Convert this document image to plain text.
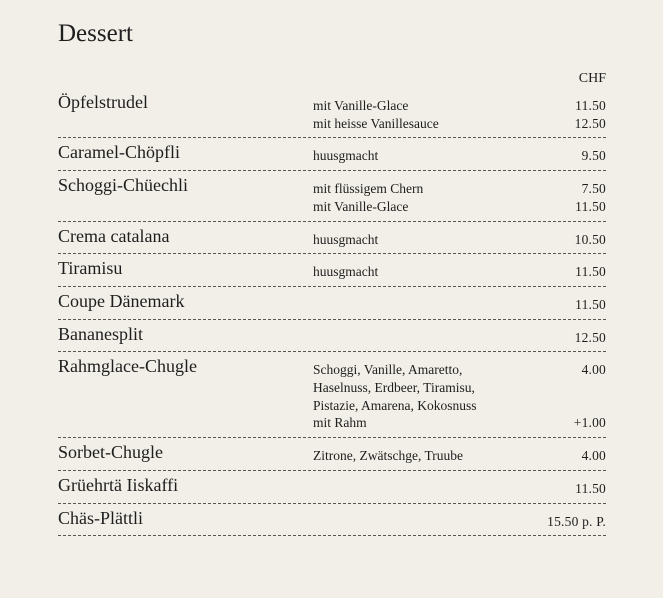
Dessert
CHF
Öpfelstrudel	mit Vanille-Glace	11.50
mit heisse Vanillesauce	12.50
Caramel-Chöpfli	huusgmacht	9.50
Schoggi-Chüechli	mit flüssigem Chern	7.50
mit Vanille-Glace	11.50
Crema catalana	huusgmacht	10.50
Tiramisu	huusgmacht	11.50
Coupe Dänemark	11.50
Bananesplit	12.50
Rahmglace-Chugle	Schoggi, Vanille, Amaretto,	4.00
Haselnuss, Erdbeer, Tiramisu,
Pistazie, Amarena, Kokosnuss
mit Rahm	+1.00
Sorbet-Chugle	Zitrone, Zwätschge, Truube	4.00
Grüehrtä Iiskaffi	11.50
Chäs-Plättli	15.50 p. P.
